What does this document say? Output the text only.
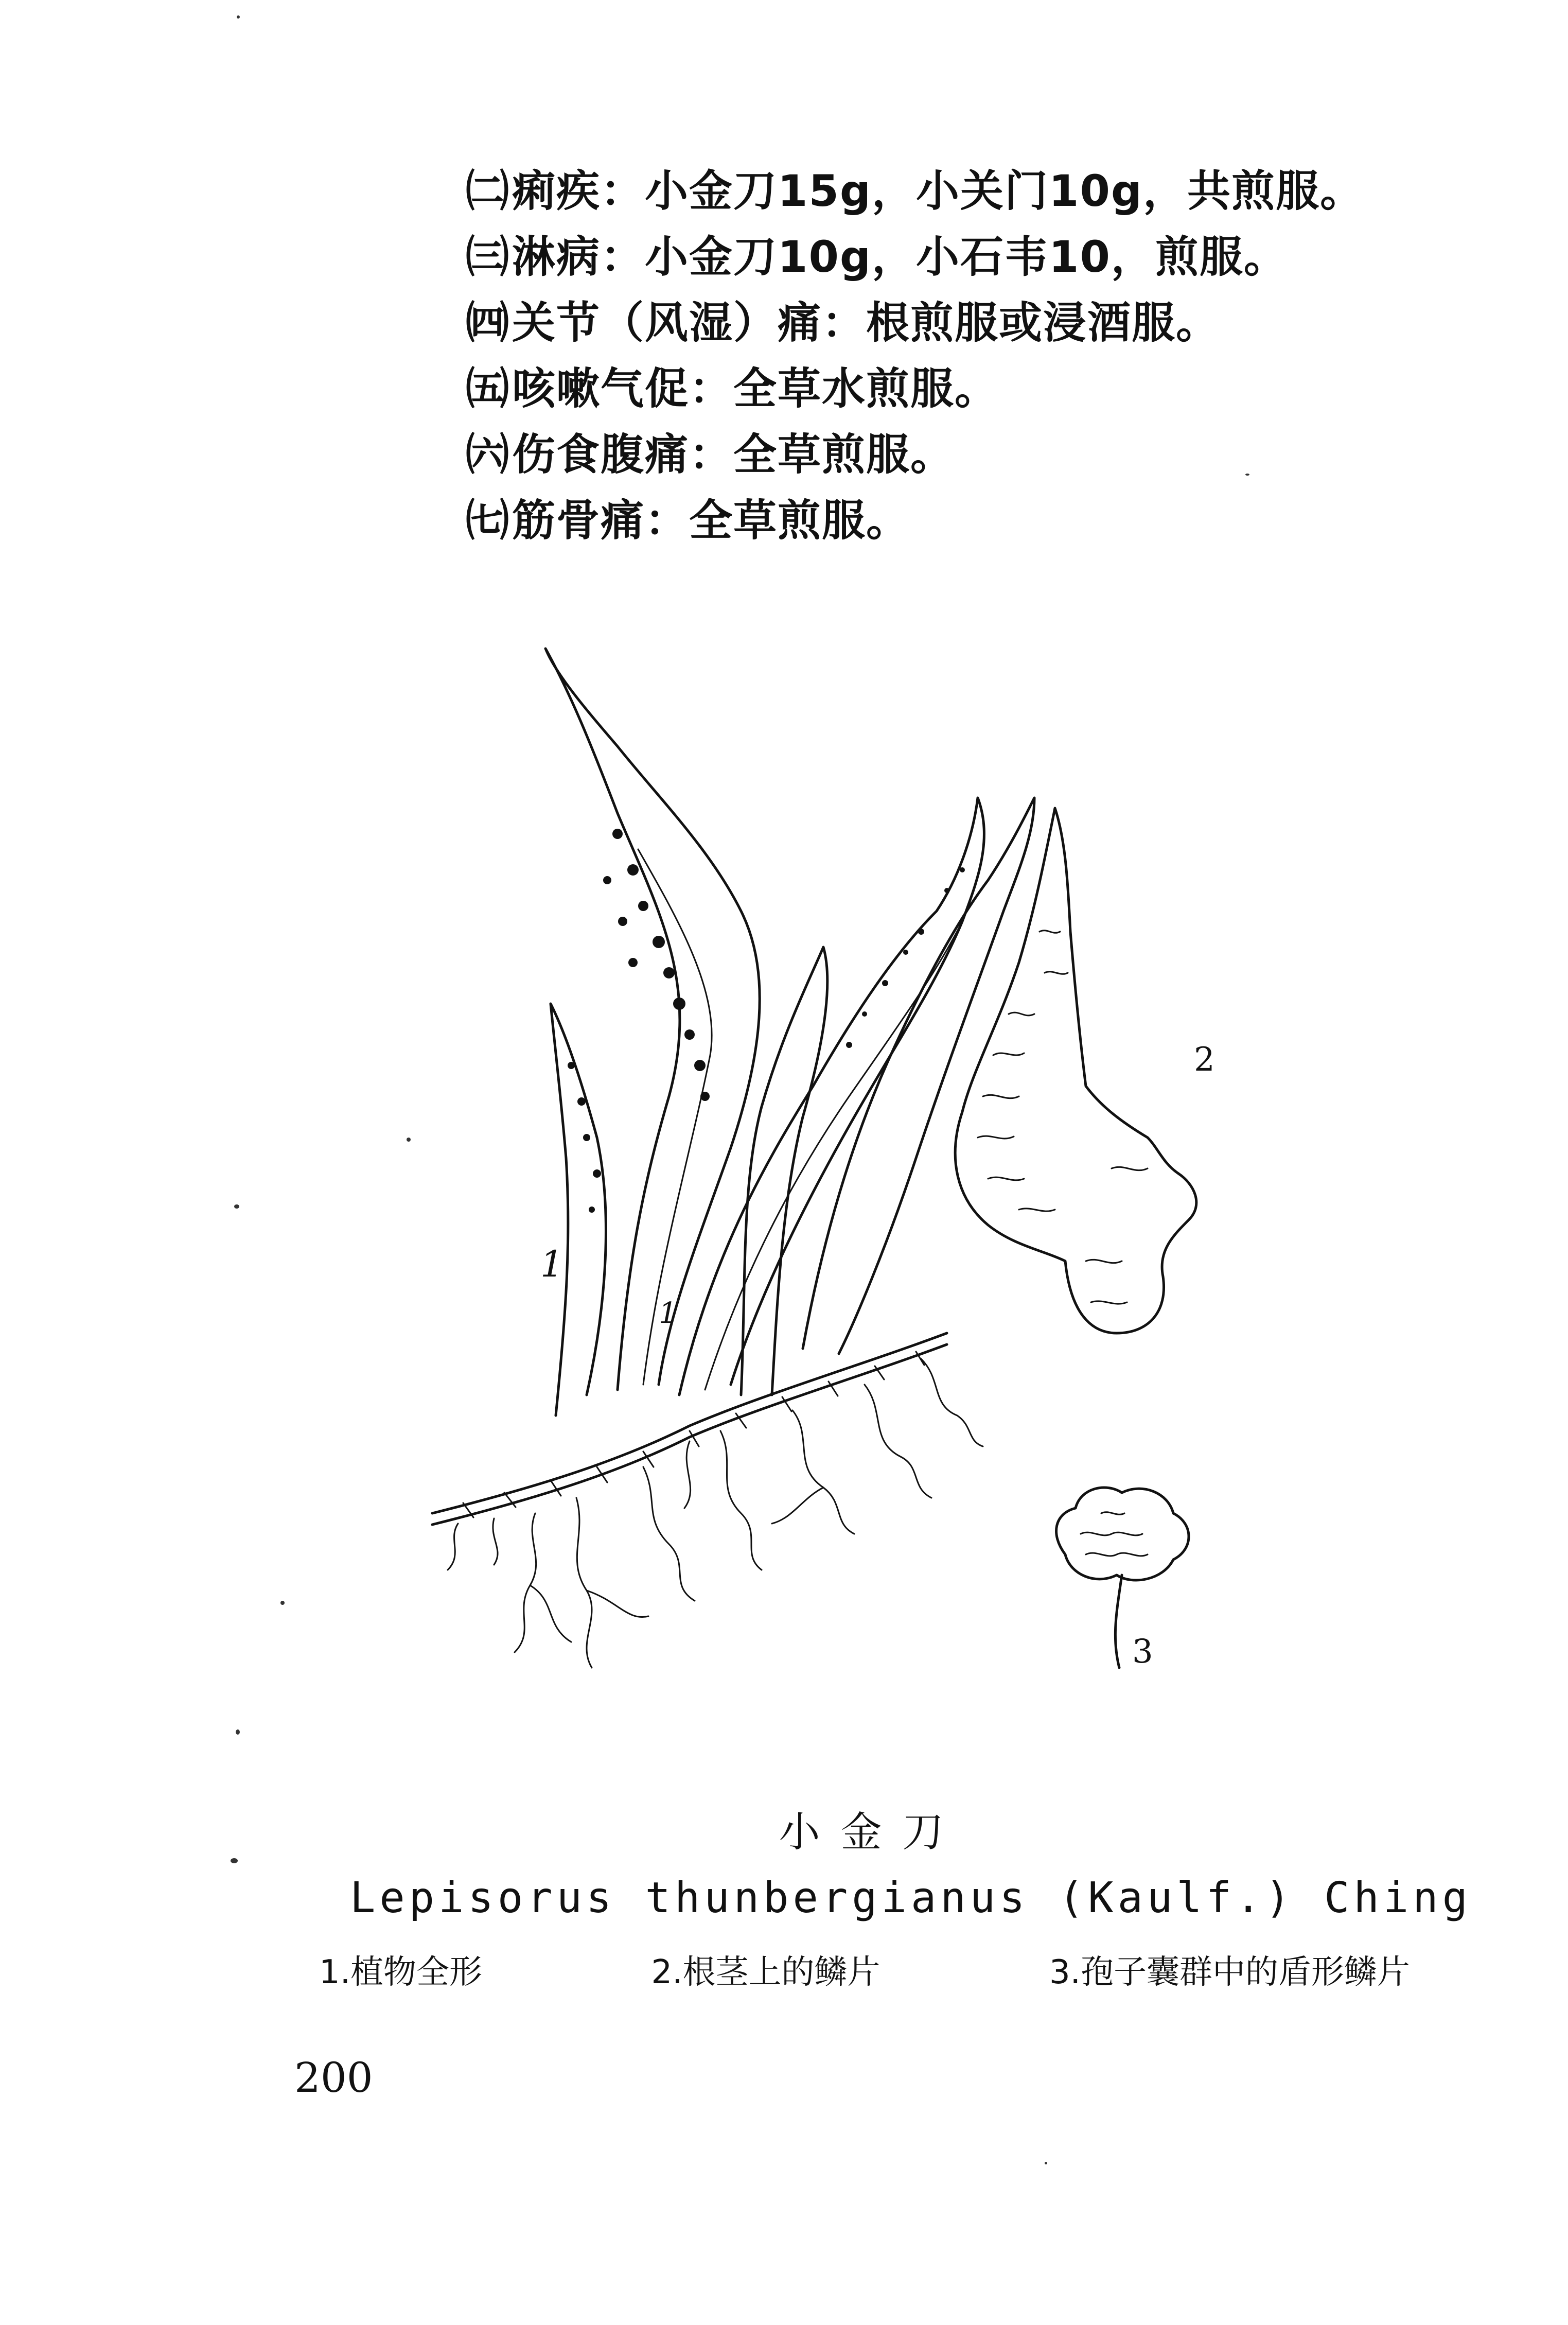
㈡ 痢疾：小金刀15g，小关门10g，共煎服。
㈢ 淋病：小金刀10g，小石韦10，煎服。
㈣ 关节（风湿）痛：根煎服或浸酒服。
㈤ 咳嗽气促：全草水煎服。
㈥ 伤食腹痛：全草煎服。
㈦ 筋骨痛：全草煎服。
1
1
2
3
小金刀
Lepisorus thunbergianus (Kaulf.) Ching
1.植物全形	2.根茎上的鳞片	3.孢子囊群中的盾形鳞片
200
